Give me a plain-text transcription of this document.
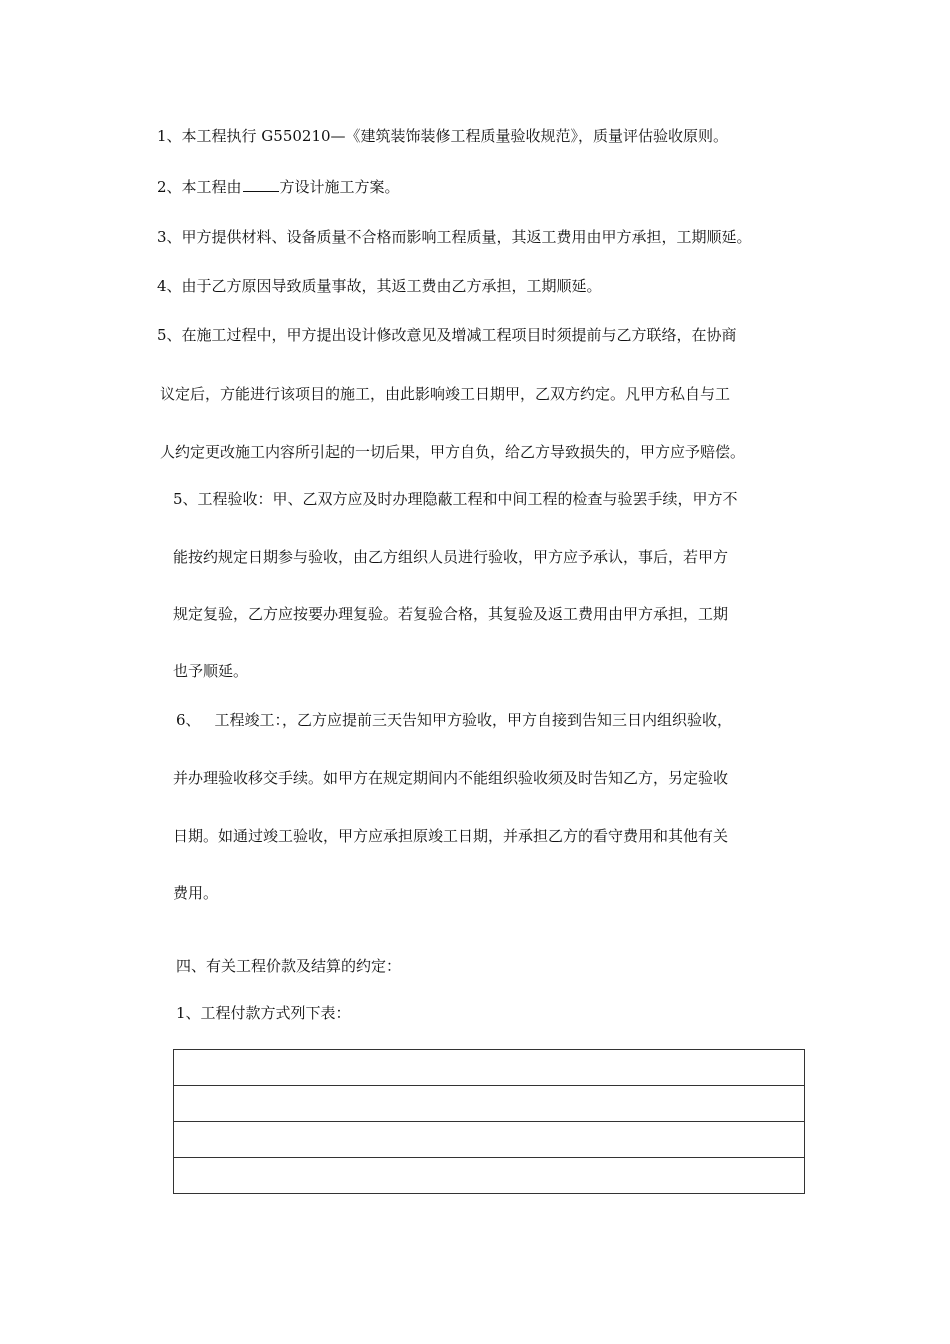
1、本工程执行 G550210—《建筑装饰装修工程质量验收规范》，质量评估验收原则。
2、本工程由	方设计施工方案。
3、甲方提供材料、设备质量不合格而影响工程质量，其返工费用由甲方承担，工期顺延。
4、由于乙方原因导致质量事故，其返工费由乙方承担，工期顺延。
5、在施工过程中，甲方提出设计修改意见及增减工程项目时须提前与乙方联络，在协商
议定后，方能进行该项目的施工，由此影响竣工日期甲，乙双方约定。凡甲方私自与工
人约定更改施工内容所引起的一切后果，甲方自负，给乙方导致损失的，甲方应予赔偿。
5、工程验收：甲、乙双方应及时办理隐蔽工程和中间工程的检查与验罢手续，甲方不
能按约规定日期参与验收，由乙方组织人员进行验收，甲方应予承认，事后，若甲方
规定复验，乙方应按要办理复验。若复验合格，其复验及返工费用由甲方承担，工期
也予顺延。
6、 工程竣工：，乙方应提前三天告知甲方验收，甲方自接到告知三日内组织验收，
并办理验收移交手续。如甲方在规定期间内不能组织验收须及时告知乙方，另定验收
日期。如通过竣工验收，甲方应承担原竣工日期，并承担乙方的看守费用和其他有关
费用。
四、有关工程价款及结算的约定：
1、工程付款方式列下表：
